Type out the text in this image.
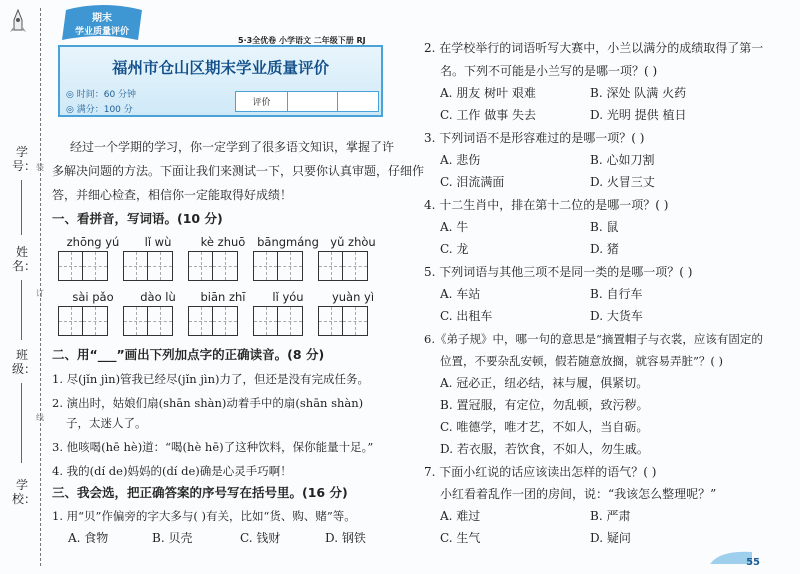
学号：
姓名：
班级：
学校：
装
订
线
期末
学业质量评价
5·3全优卷 小学语文 二年级下册 RJ
福州市仓山区期末学业质量评价
◎ 时间：60 分钟
◎ 满分：100 分
评价
经过一个学期的学习，你一定学到了很多语文知识，掌握了许
多解决问题的方法。下面让我们来测试一下，只要你认真审题，仔细作
答，并细心检查，相信你一定能取得好成绩！
一、看拼音，写词语。(10 分)
zhōng yú	lǐ wù	kè zhuō	bāngmáng yǔ zhòu
sài pǎo	dào lù	biān zhī	lǐ yóu	yuàn yì
二、用“___”画出下列加点字的正确读音。(8 分)
1. 尽(jǐn jìn)管我已经尽(jǐn jìn)力了，但还是没有完成任务。
2. 演出时，姑娘们扇(shān shàn)动着手中的扇(shān shàn)
子，太迷人了。
3. 他咳喝(hē hè)道：“喝(hè hē)了这种饮料，保你能量十足。”
4. 我的(dí de)妈妈的(dí de)确是心灵手巧啊！
三、我会选，把正确答案的序号写在括号里。(16 分)
1. 用“贝”作偏旁的字大多与( )有关，比如“货、购、赌”等。
A. 食物	B. 贝壳	C. 钱财	D. 钢铁
2. 在学校举行的词语听写大赛中，小兰以满分的成绩取得了第一
名。下列不可能是小兰写的是哪一项？( )
A. 朋友 树叶 艰难	B. 深处 队满 火药
C. 工作 做事 失去	D. 光明 提供 植日
3. 下列词语不是形容难过的是哪一项？( )
A. 悲伤	B. 心如刀割
C. 泪流满面	D. 火冒三丈
4. 十二生肖中，排在第十二位的是哪一项？( )
A. 牛	B. 鼠
C. 龙	D. 猪
5. 下列词语与其他三项不是同一类的是哪一项？( )
A. 车站	B. 自行车
C. 出租车	D. 大货车
6.《弟子规》中，哪一句的意思是“摘置帽子与衣裳，应该有固定的
位置，不要杂乱安顿，假若随意放搁，就容易弄脏”？( )
A. 冠必正，纽必结，袜与履，俱紧切。
B. 置冠服，有定位，勿乱顿，致污秽。
C. 唯德学，唯才艺，不如人，当自砺。
D. 若衣服，若饮食，不如人，勿生戚。
7. 下面小红说的话应该读出怎样的语气？( )
小红看着乱作一团的房间，说：“我该怎么整理呢？”
A. 难过	B. 严肃
C. 生气	D. 疑问
55
